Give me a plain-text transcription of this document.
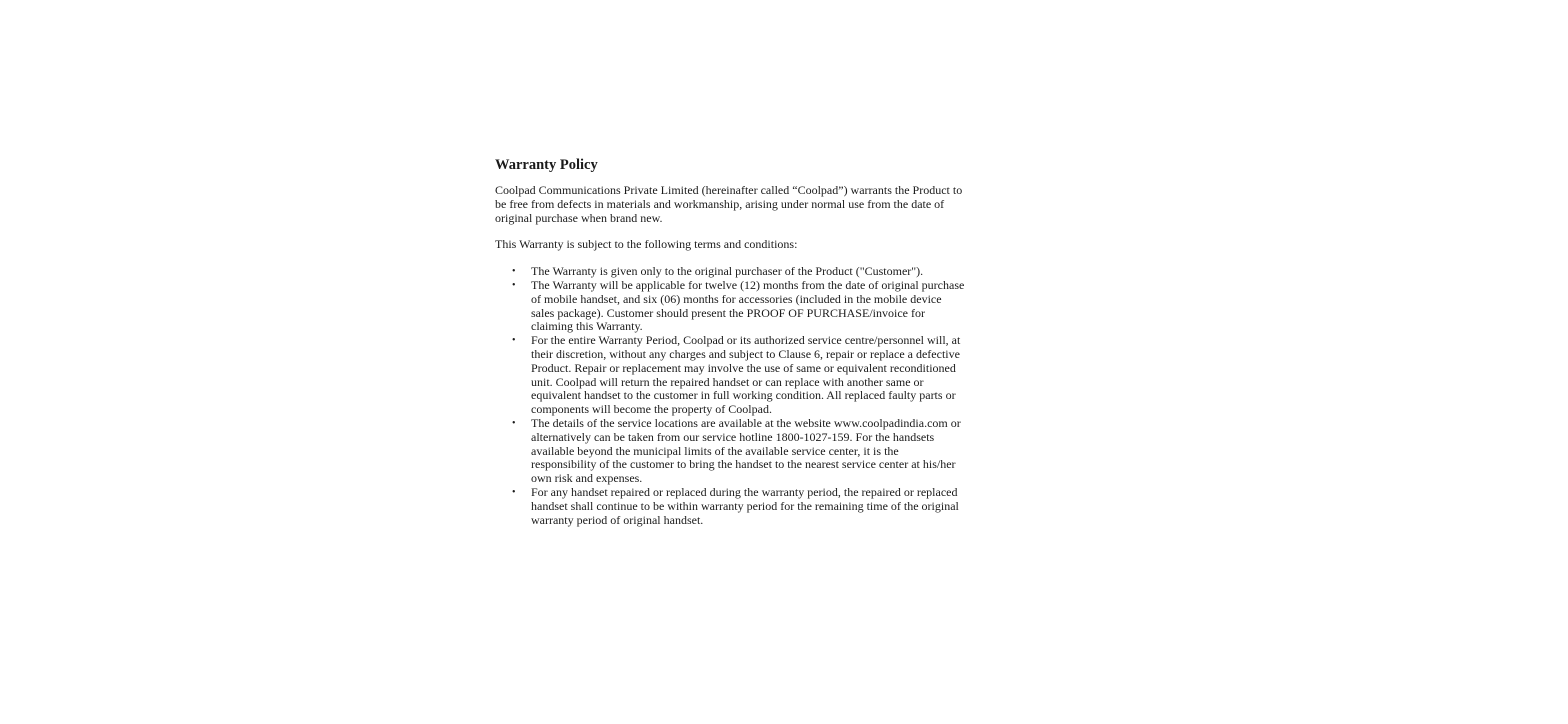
Warranty Policy

Coolpad Communications Private Limited (hereinafter called “Coolpad”) warrants the Product to be free from defects in materials and workmanship, arising under normal use from the date of original purchase when brand new.

This Warranty is subject to the following terms and conditions:

• The Warranty is given only to the original purchaser of the Product ("Customer").
• The Warranty will be applicable for twelve (12) months from the date of original purchase of mobile handset, and six (06) months for accessories (included in the mobile device sales package). Customer should present the PROOF OF PURCHASE/invoice for claiming this Warranty.
• For the entire Warranty Period, Coolpad or its authorized service centre/personnel will, at their discretion, without any charges and subject to Clause 6, repair or replace a defective Product. Repair or replacement may involve the use of same or equivalent reconditioned unit. Coolpad will return the repaired handset or can replace with another same or equivalent handset to the customer in full working condition. All replaced faulty parts or components will become the property of Coolpad.
• The details of the service locations are available at the website www.coolpadindia.com or alternatively can be taken from our service hotline 1800-1027-159. For the handsets available beyond the municipal limits of the available service center, it is the responsibility of the customer to bring the handset to the nearest service center at his/her own risk and expenses.
• For any handset repaired or replaced during the warranty period, the repaired or replaced handset shall continue to be within warranty period for the remaining time of the original warranty period of original handset.
